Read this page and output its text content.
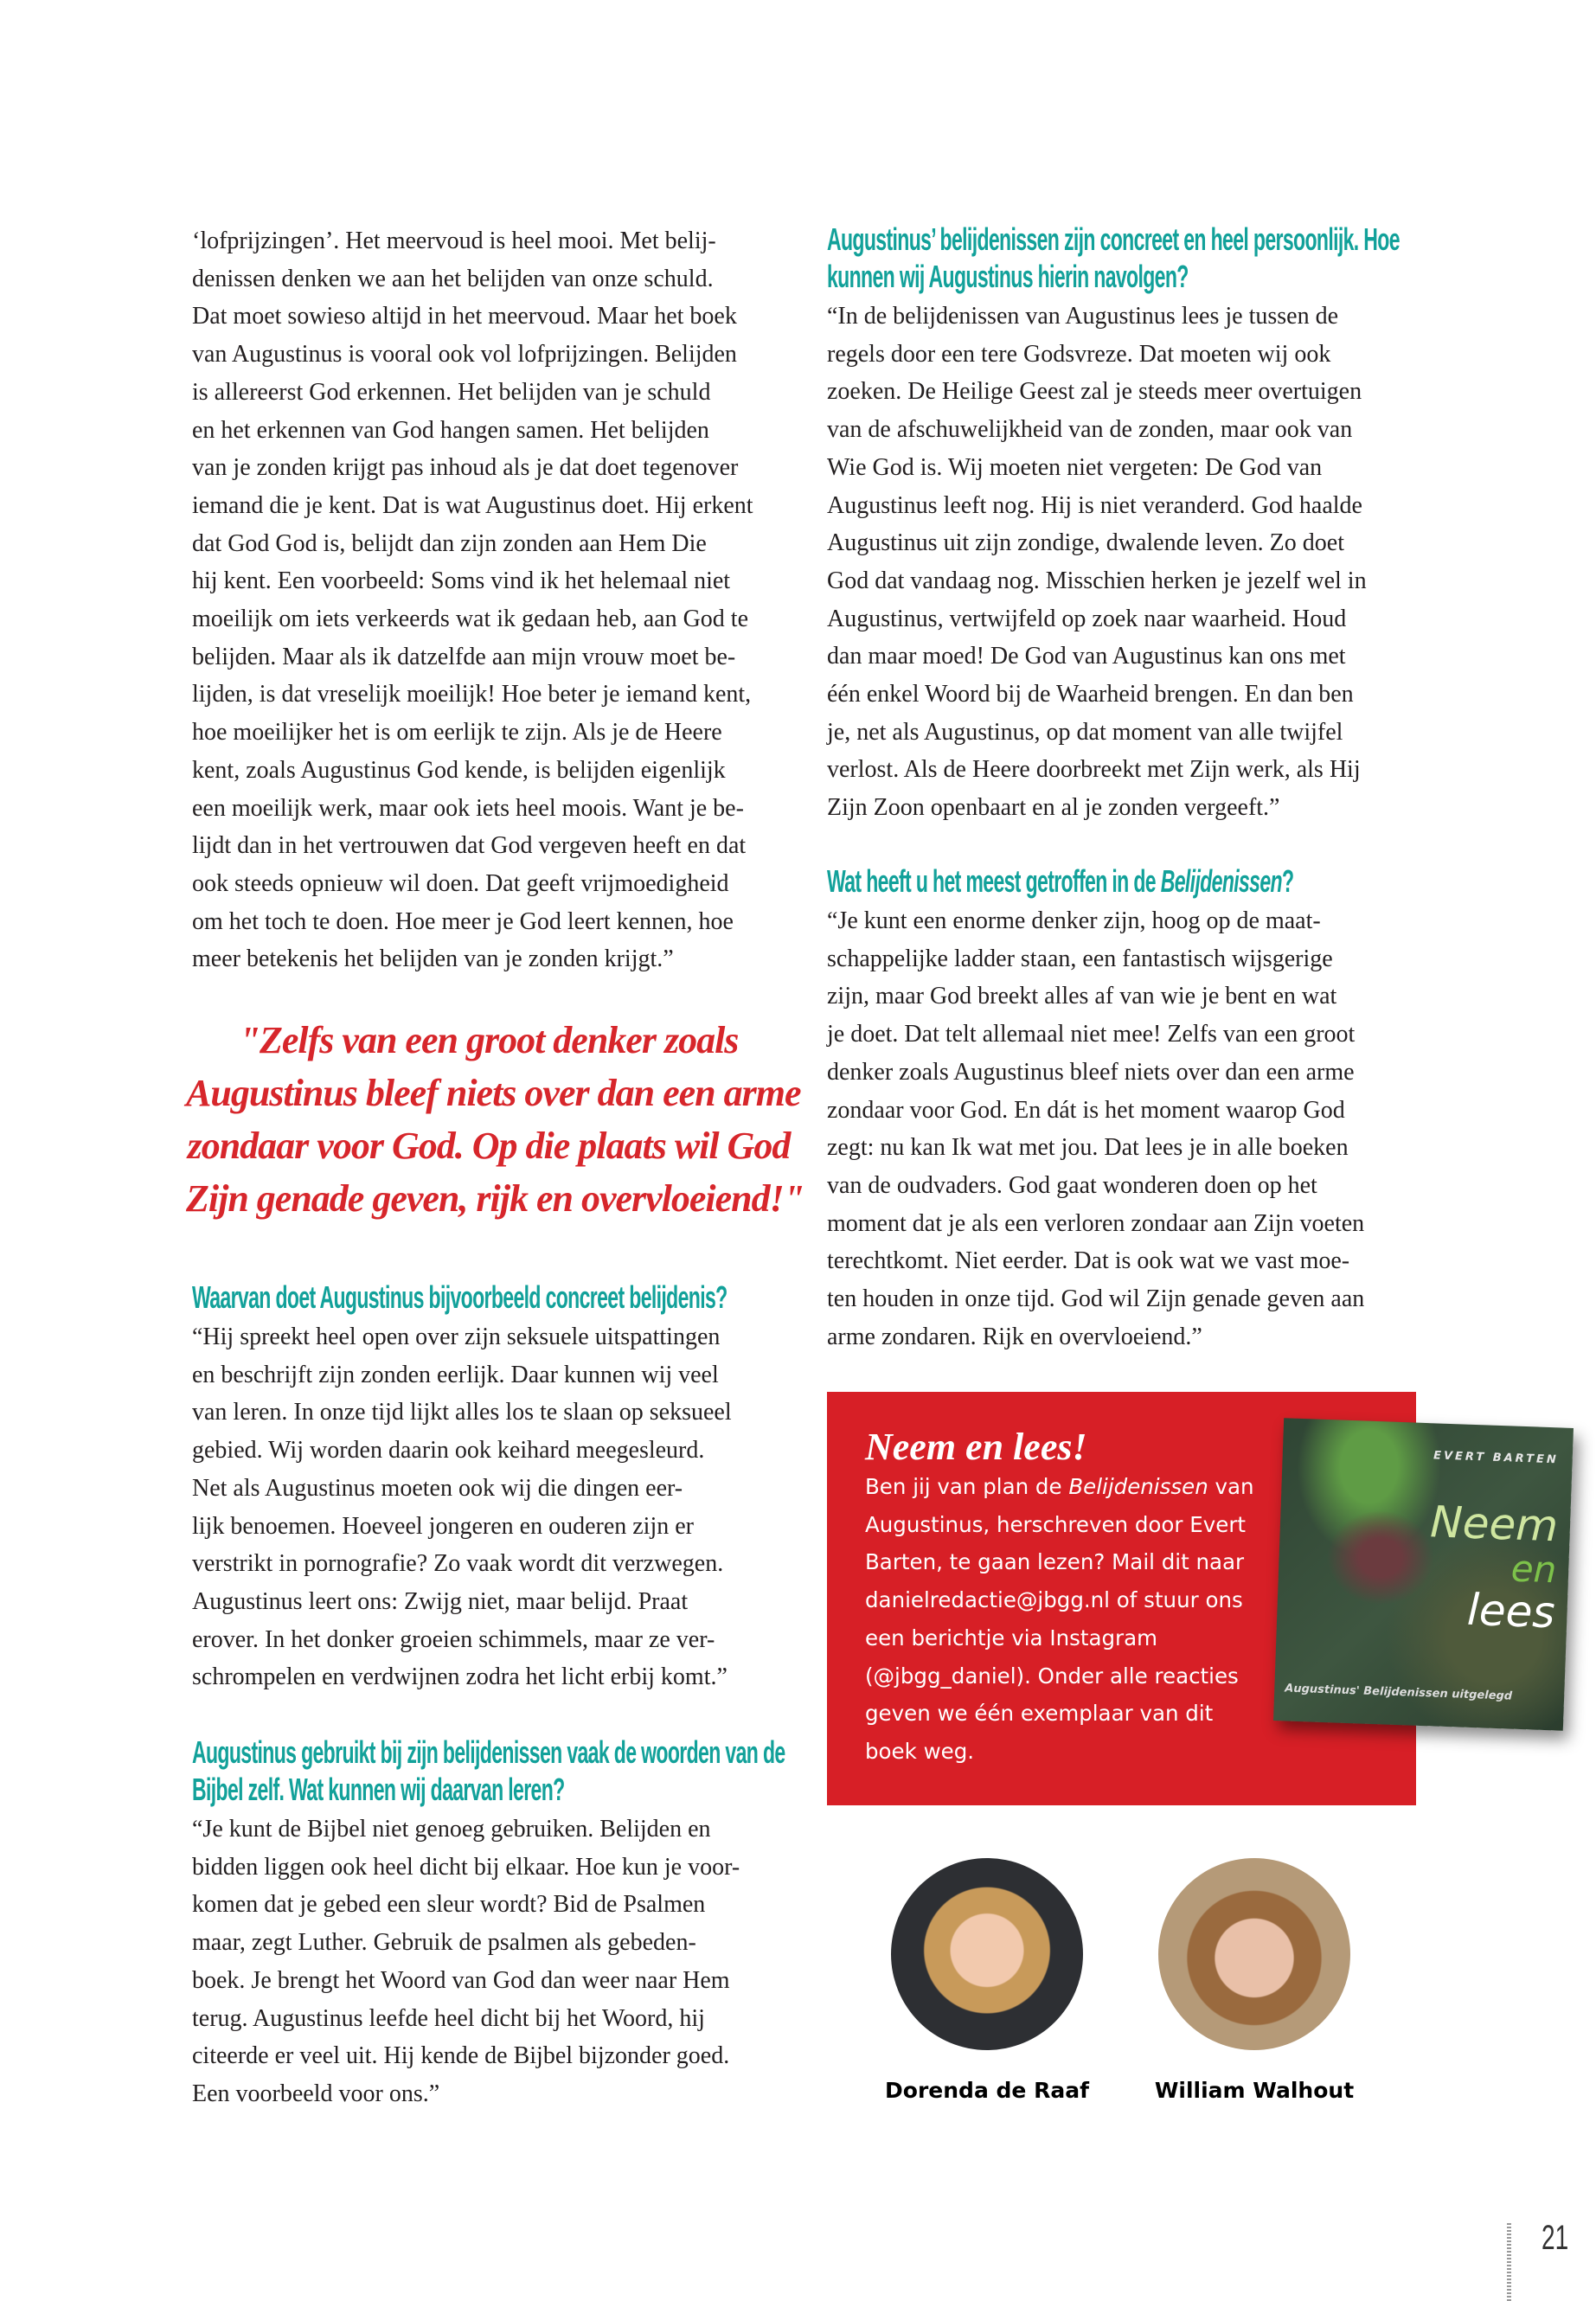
‘lofprijzingen’. Het meervoud is heel mooi. Met belij-
denissen denken we aan het belijden van onze schuld.
Dat moet sowieso altijd in het meervoud. Maar het boek
van Augustinus is vooral ook vol lofprijzingen. Belijden
is allereerst God erkennen. Het belijden van je schuld
en het erkennen van God hangen samen. Het belijden
van je zonden krijgt pas inhoud als je dat doet tegenover
iemand die je kent. Dat is wat Augustinus doet. Hij erkent
dat God God is, belijdt dan zijn zonden aan Hem Die
hij kent. Een voorbeeld: Soms vind ik het helemaal niet
moeilijk om iets verkeerds wat ik gedaan heb, aan God te
belijden. Maar als ik datzelfde aan mijn vrouw moet be-
lijden, is dat vreselijk moeilijk! Hoe beter je iemand kent,
hoe moeilijker het is om eerlijk te zijn. Als je de Heere
kent, zoals Augustinus God kende, is belijden eigenlijk
een moeilijk werk, maar ook iets heel moois. Want je be-
lijdt dan in het vertrouwen dat God vergeven heeft en dat
ook steeds opnieuw wil doen. Dat geeft vrijmoedigheid
om het toch te doen. Hoe meer je God leert kennen, hoe
meer betekenis het belijden van je zonden krijgt.”
"Zelfs van een groot denker zoals
Augustinus bleef niets over dan een arme
zondaar voor God. Op die plaats wil God
Zijn genade geven, rijk en overvloeiend!"
Waarvan doet Augustinus bijvoorbeeld concreet belijdenis?
“Hij spreekt heel open over zijn seksuele uitspattingen
en beschrijft zijn zonden eerlijk. Daar kunnen wij veel
van leren. In onze tijd lijkt alles los te slaan op seksueel
gebied. Wij worden daarin ook keihard meegesleurd.
Net als Augustinus moeten ook wij die dingen eer-
lijk benoemen. Hoeveel jongeren en ouderen zijn er
verstrikt in pornografie? Zo vaak wordt dit verzwegen.
Augustinus leert ons: Zwijg niet, maar belijd. Praat
erover. In het donker groeien schimmels, maar ze ver-
schrompelen en verdwijnen zodra het licht erbij komt.”
Augustinus gebruikt bij zijn belijdenissen vaak de woorden van de
Bijbel zelf. Wat kunnen wij daarvan leren?
“Je kunt de Bijbel niet genoeg gebruiken. Belijden en
bidden liggen ook heel dicht bij elkaar. Hoe kun je voor-
komen dat je gebed een sleur wordt? Bid de Psalmen
maar, zegt Luther. Gebruik de psalmen als gebeden-
boek. Je brengt het Woord van God dan weer naar Hem
terug. Augustinus leefde heel dicht bij het Woord, hij
citeerde er veel uit. Hij kende de Bijbel bijzonder goed.
Een voorbeeld voor ons.”
Augustinus’ belijdenissen zijn concreet en heel persoonlijk. Hoe
kunnen wij Augustinus hierin navolgen?
“In de belijdenissen van Augustinus lees je tussen de
regels door een tere Godsvreze. Dat moeten wij ook
zoeken. De Heilige Geest zal je steeds meer overtuigen
van de afschuwelijkheid van de zonden, maar ook van
Wie God is. Wij moeten niet vergeten: De God van
Augustinus leeft nog. Hij is niet veranderd. God haalde
Augustinus uit zijn zondige, dwalende leven. Zo doet
God dat vandaag nog. Misschien herken je jezelf wel in
Augustinus, vertwijfeld op zoek naar waarheid. Houd
dan maar moed! De God van Augustinus kan ons met
één enkel Woord bij de Waarheid brengen. En dan ben
je, net als Augustinus, op dat moment van alle twijfel
verlost. Als de Heere doorbreekt met Zijn werk, als Hij
Zijn Zoon openbaart en al je zonden vergeeft.”
Wat heeft u het meest getroffen in de Belijdenissen?
“Je kunt een enorme denker zijn, hoog op de maat-
schappelijke ladder staan, een fantastisch wijsgerige
zijn, maar God breekt alles af van wie je bent en wat
je doet. Dat telt allemaal niet mee! Zelfs van een groot
denker zoals Augustinus bleef niets over dan een arme
zondaar voor God. En dát is het moment waarop God
zegt: nu kan Ik wat met jou. Dat lees je in alle boeken
van de oudvaders. God gaat wonderen doen op het
moment dat je als een verloren zondaar aan Zijn voeten
terechtkomt. Niet eerder. Dat is ook wat we vast moe-
ten houden in onze tijd. God wil Zijn genade geven aan
arme zondaren. Rijk en overvloeiend.”
Neem en lees!
Ben jij van plan de Belijdenissen van
Augustinus, herschreven door Evert
Barten, te gaan lezen? Mail dit naar
danielredactie@jbgg.nl of stuur ons
een berichtje via Instagram
(@jbgg_daniel). Onder alle reacties
geven we één exemplaar van dit
boek weg.
EVERT BARTEN
Neem
en
lees
Augustinus' Belijdenissen uitgelegd
Dorenda de Raaf	William Walhout
21
